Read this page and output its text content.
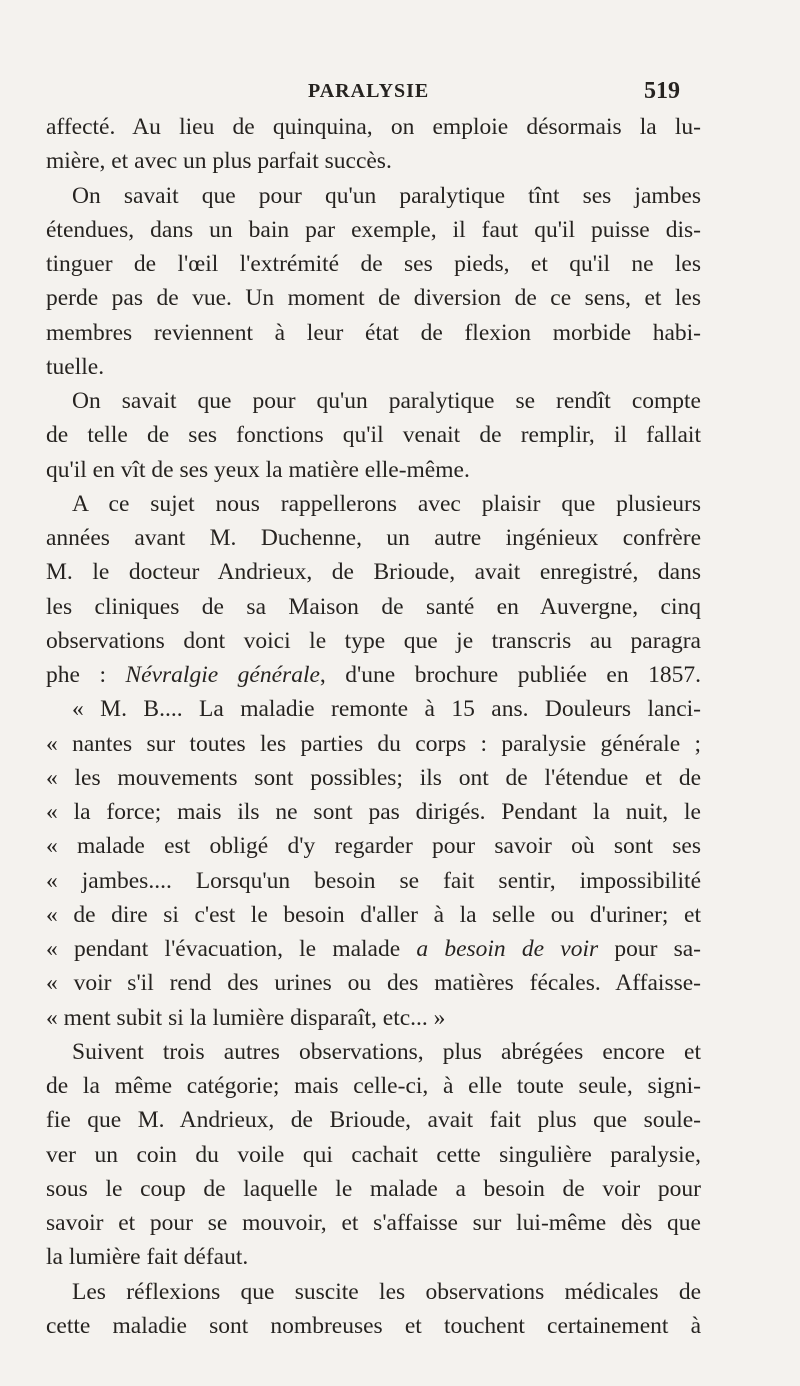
PARALYSIE	519
affecté. Au lieu de quinquina, on emploie désormais la lu-
mière, et avec un plus parfait succès.
On savait que pour qu'un paralytique tînt ses jambes
étendues, dans un bain par exemple, il faut qu'il puisse dis-
tinguer de l'œil l'extrémité de ses pieds, et qu'il ne les
perde pas de vue. Un moment de diversion de ce sens, et les
membres reviennent à leur état de flexion morbide habi-
tuelle.
On savait que pour qu'un paralytique se rendît compte
de telle de ses fonctions qu'il venait de remplir, il fallait
qu'il en vît de ses yeux la matière elle-même.
A ce sujet nous rappellerons avec plaisir que plusieurs
années avant M. Duchenne, un autre ingénieux confrère
M. le docteur Andrieux, de Brioude, avait enregistré, dans
les cliniques de sa Maison de santé en Auvergne, cinq
observations dont voici le type que je transcris au paragra
phe : Névralgie générale, d'une brochure publiée en 1857.
« M. B.... La maladie remonte à 15 ans. Douleurs lanci-
« nantes sur toutes les parties du corps : paralysie générale ;
« les mouvements sont possibles; ils ont de l'étendue et de
« la force; mais ils ne sont pas dirigés. Pendant la nuit, le
« malade est obligé d'y regarder pour savoir où sont ses
« jambes.... Lorsqu'un besoin se fait sentir, impossibilité
« de dire si c'est le besoin d'aller à la selle ou d'uriner; et
« pendant l'évacuation, le malade a besoin de voir pour sa-
« voir s'il rend des urines ou des matières fécales. Affaisse-
« ment subit si la lumière disparaît, etc... »
Suivent trois autres observations, plus abrégées encore et
de la même catégorie; mais celle-ci, à elle toute seule, signi-
fie que M. Andrieux, de Brioude, avait fait plus que soule-
ver un coin du voile qui cachait cette singulière paralysie,
sous le coup de laquelle le malade a besoin de voir pour
savoir et pour se mouvoir, et s'affaisse sur lui-même dès que
la lumière fait défaut.
Les réflexions que suscite les observations médicales de
cette maladie sont nombreuses et touchent certainement à
